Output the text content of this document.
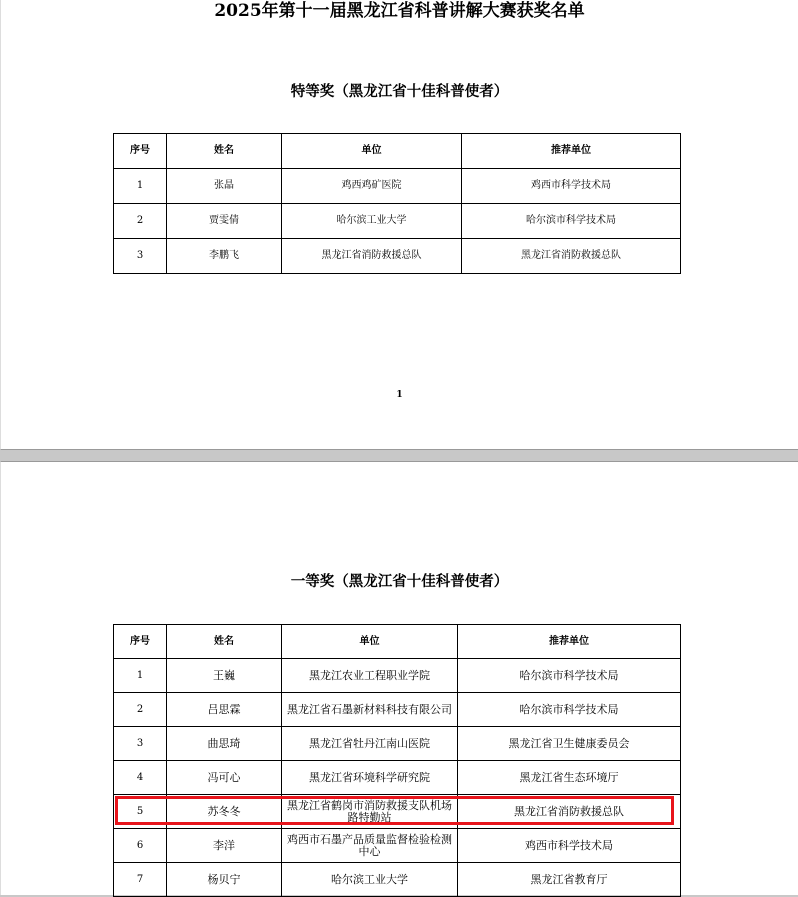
2025年第十一届黑龙江省科普讲解大赛获奖名单
特等奖（黑龙江省十佳科普使者）
序号	姓名	单位	推荐单位
1	张晶	鸡西鸡矿医院	鸡西市科学技术局
2	贾雯倩	哈尔滨工业大学	哈尔滨市科学技术局
3	李鹏飞	黑龙江省消防救援总队	黑龙江省消防救援总队
1
一等奖（黑龙江省十佳科普使者）
序号	姓名	单位	推荐单位
1	王巍	黑龙江农业工程职业学院	哈尔滨市科学技术局
2	吕思霖	黑龙江省石墨新材料科技有限公司	哈尔滨市科学技术局
3	曲思琦	黑龙江省牡丹江南山医院	黑龙江省卫生健康委员会
4	冯可心	黑龙江省环境科学研究院	黑龙江省生态环境厅
5	苏冬冬	黑龙江省鹤岗市消防救援支队机场路特勤站	黑龙江省消防救援总队
6	李洋	鸡西市石墨产品质量监督检验检测中心	鸡西市科学技术局
7	杨贝宁	哈尔滨工业大学	黑龙江省教育厅
